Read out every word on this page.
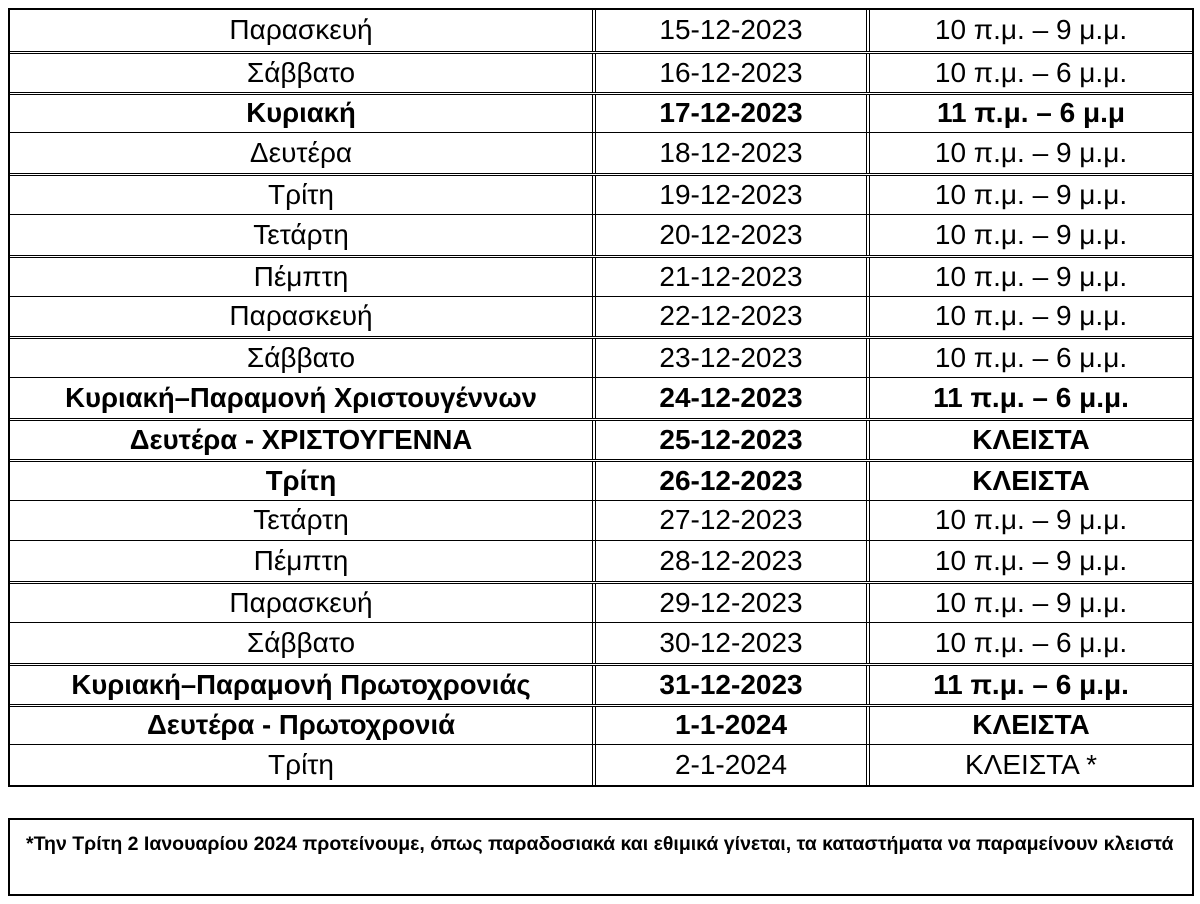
Παρασκευή	15-12-2023	10 π.μ. – 9 μ.μ.
Σάββατο	16-12-2023	10 π.μ. – 6 μ.μ.
Κυριακή	17-12-2023	11 π.μ. – 6 μ.μ
Δευτέρα	18-12-2023	10 π.μ. – 9 μ.μ.
Τρίτη	19-12-2023	10 π.μ. – 9 μ.μ.
Τετάρτη	20-12-2023	10 π.μ. – 9 μ.μ.
Πέμπτη	21-12-2023	10 π.μ. – 9 μ.μ.
Παρασκευή	22-12-2023	10 π.μ. – 9 μ.μ.
Σάββατο	23-12-2023	10 π.μ. – 6 μ.μ.
Κυριακή–Παραμονή Χριστουγέννων	24-12-2023	11 π.μ. – 6 μ.μ.
Δευτέρα - ΧΡΙΣΤΟΥΓΕΝΝΑ	25-12-2023	ΚΛΕΙΣΤΑ
Τρίτη	26-12-2023	ΚΛΕΙΣΤΑ
Τετάρτη	27-12-2023	10 π.μ. – 9 μ.μ.
Πέμπτη	28-12-2023	10 π.μ. – 9 μ.μ.
Παρασκευή	29-12-2023	10 π.μ. – 9 μ.μ.
Σάββατο	30-12-2023	10 π.μ. – 6 μ.μ.
Κυριακή–Παραμονή Πρωτοχρονιάς	31-12-2023	11 π.μ. – 6 μ.μ.
Δευτέρα - Πρωτοχρονιά	1-1-2024	ΚΛΕΙΣΤΑ
Τρίτη	2-1-2024	ΚΛΕΙΣΤΑ *
*Την Τρίτη 2 Ιανουαρίου 2024 προτείνουμε, όπως παραδοσιακά και εθιμικά γίνεται, τα καταστήματα να παραμείνουν κλειστά
